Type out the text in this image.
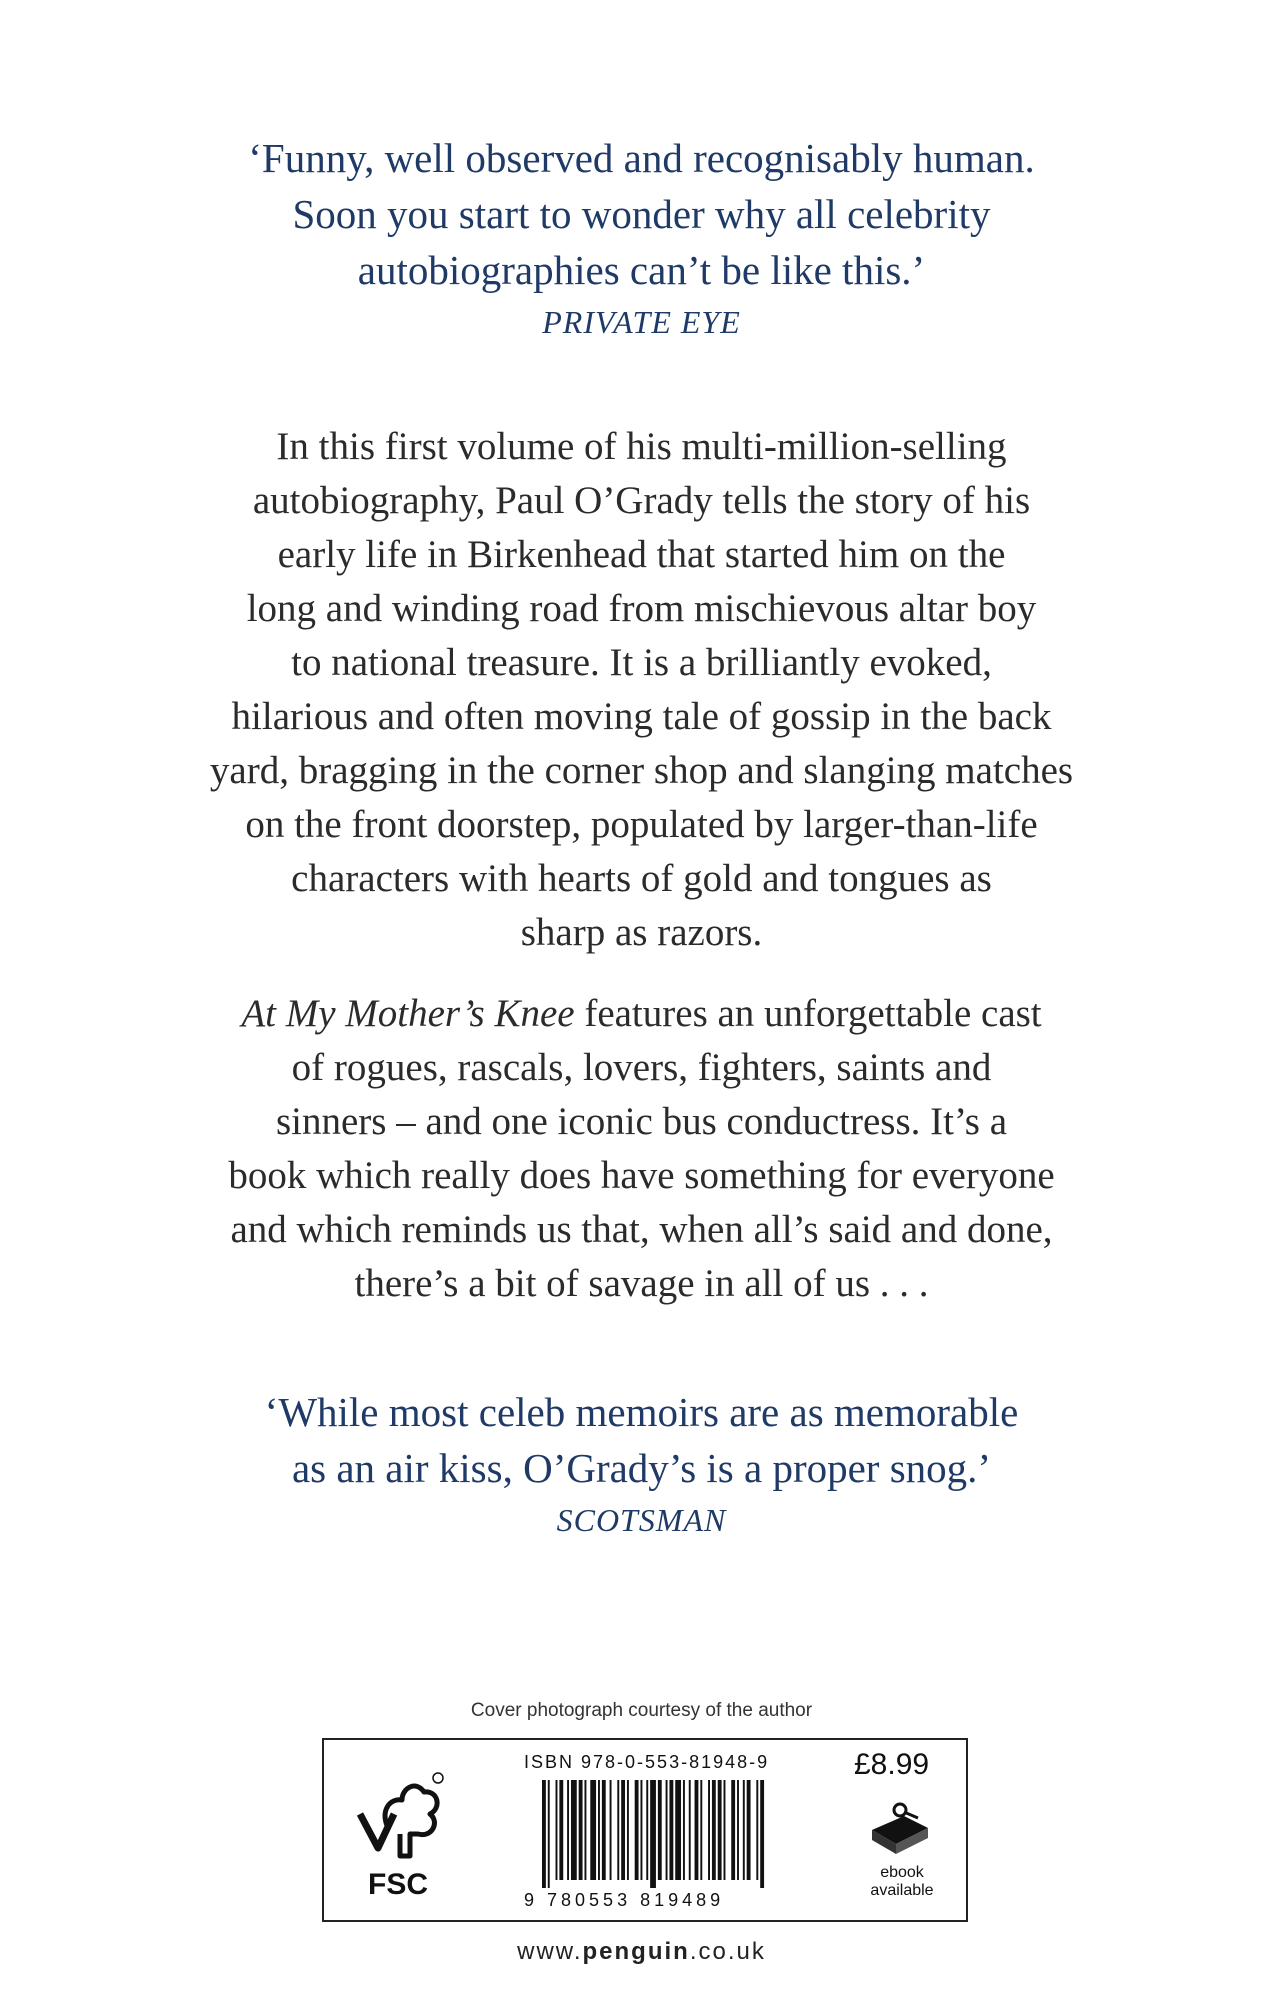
‘Funny, well observed and recognisably human.
Soon you start to wonder why all celebrity
autobiographies can’t be like this.’
PRIVATE EYE
In this first volume of his multi-million-selling
autobiography, Paul O’Grady tells the story of his
early life in Birkenhead that started him on the
long and winding road from mischievous altar boy
to national treasure. It is a brilliantly evoked,
hilarious and often moving tale of gossip in the back
yard, bragging in the corner shop and slanging matches
on the front doorstep, populated by larger-than-life
characters with hearts of gold and tongues as
sharp as razors.
At My Mother’s Knee features an unforgettable cast
of rogues, rascals, lovers, fighters, saints and
sinners – and one iconic bus conductress. It’s a
book which really does have something for everyone
and which reminds us that, when all’s said and done,
there’s a bit of savage in all of us . . .
‘While most celeb memoirs are as memorable
as an air kiss, O’Grady’s is a proper snog.’
SCOTSMAN
Cover photograph courtesy of the author
FSC
ISBN 978-0-553-81948-9
9 780553 819489
£8.99
ebook
available
www.penguin.co.uk
